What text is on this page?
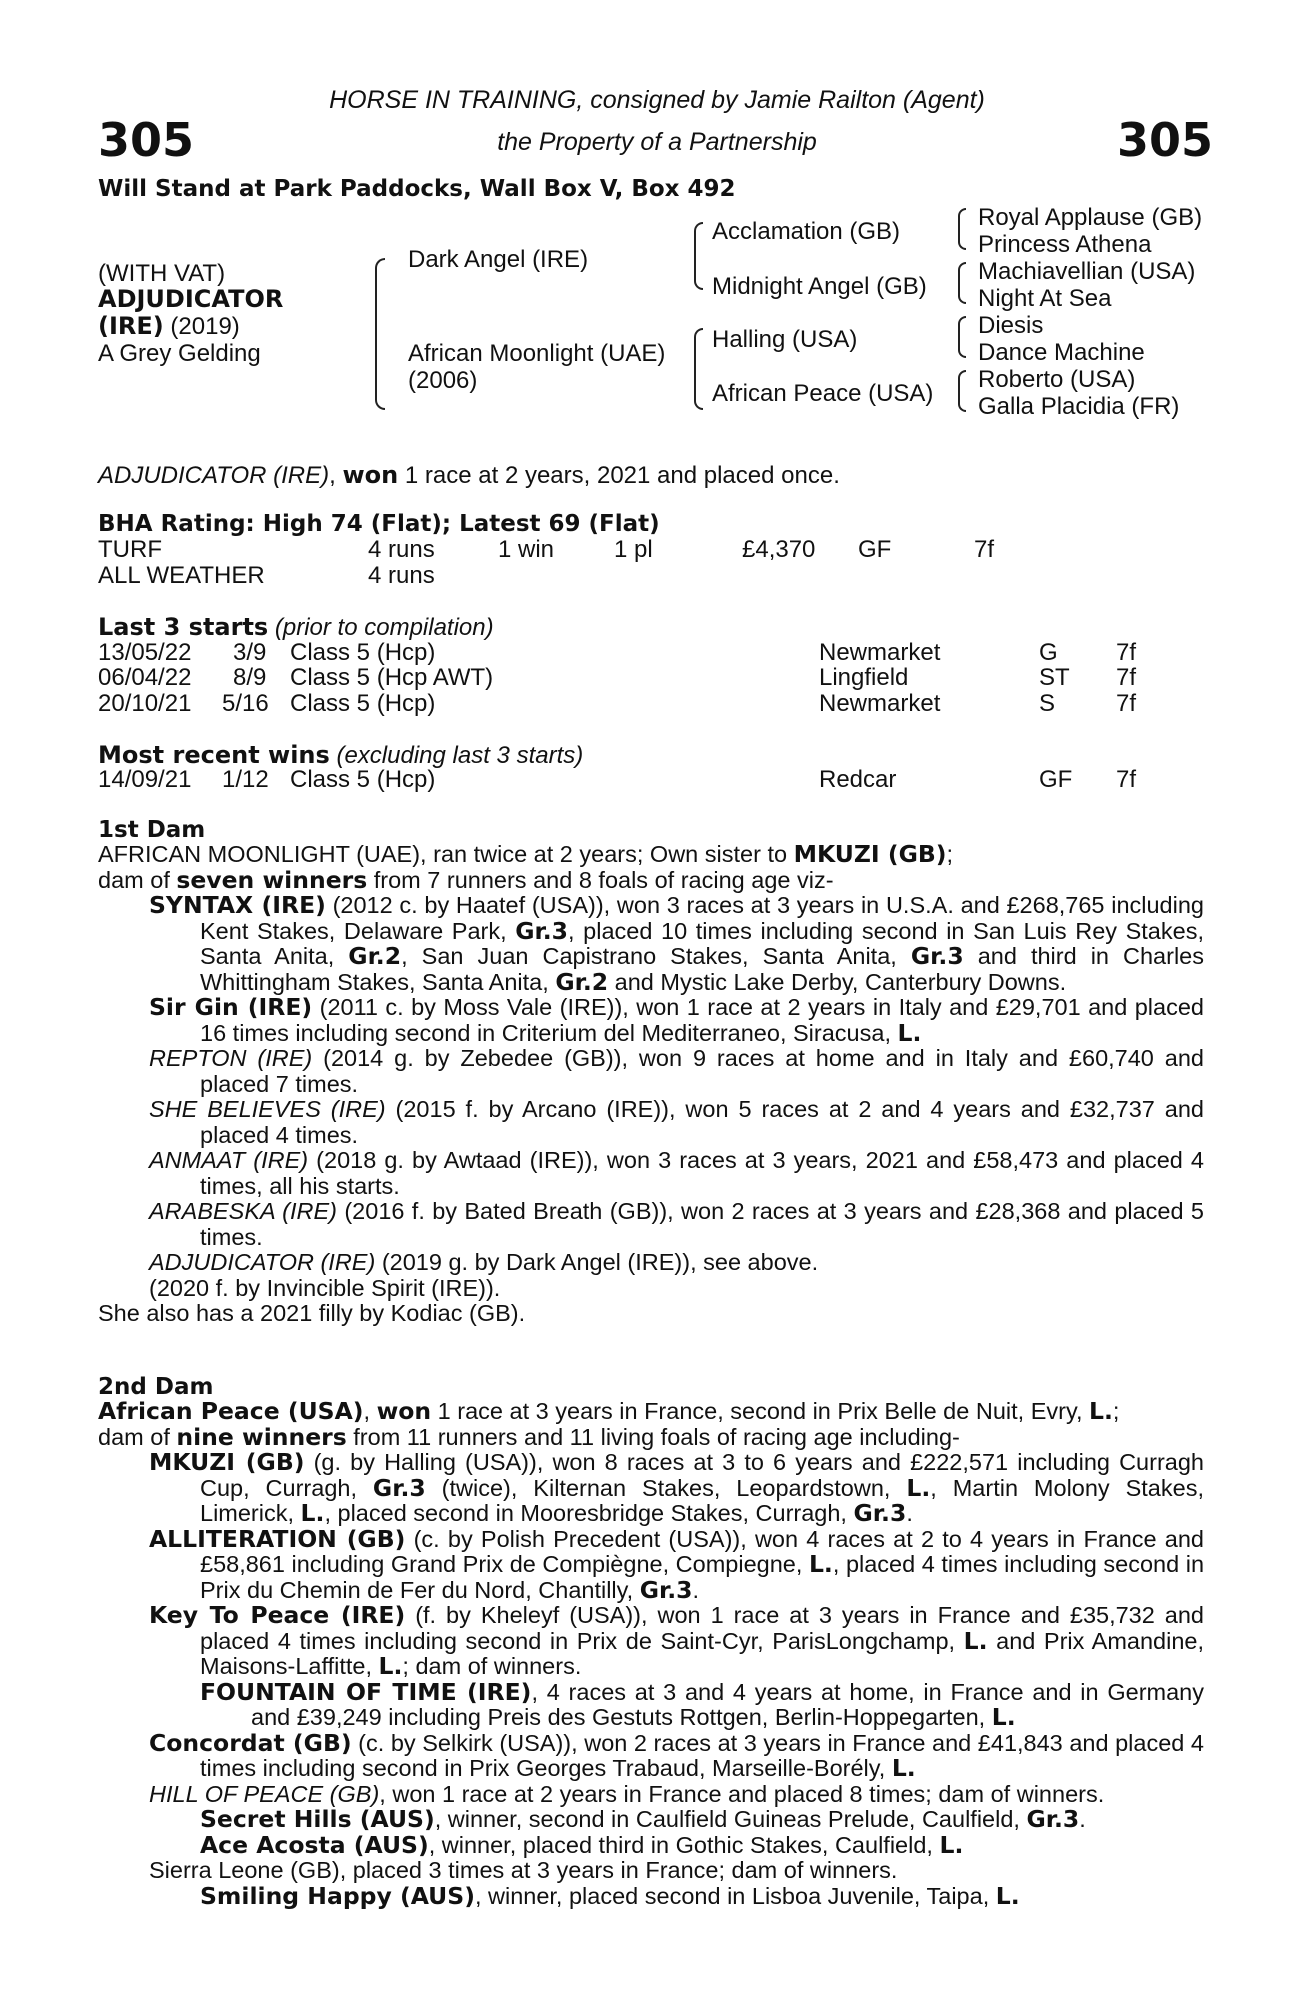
305	305
HORSE IN TRAINING, consigned by Jamie Railton (Agent)
the Property of a Partnership
Will Stand at Park Paddocks, Wall Box V, Box 492
(WITH VAT)
ADJUDICATOR
(IRE) (2019)
A Grey Gelding
Dark Angel (IRE)
African Moonlight (UAE)
(2006)
Acclamation (GB)
Midnight Angel (GB)
Halling (USA)
African Peace (USA)
Royal Applause (GB)
Princess Athena
Machiavellian (USA)
Night At Sea
Diesis
Dance Machine
Roberto (USA)
Galla Placidia (FR)
ADJUDICATOR (IRE), won 1 race at 2 years, 2021 and placed once.
BHA Rating: High 74 (Flat); Latest 69 (Flat)
TURF	4 runs	1 win 1 pl	£4,370 GF	7f
ALL WEATHER	4 runs
Last 3 starts (prior to compilation)
13/05/22 3/9 Class 5 (Hcp)	Newmarket	G 7f
06/04/22 8/9 Class 5 (Hcp AWT)	Lingfield	ST 7f
20/10/21 5/16 Class 5 (Hcp)	Newmarket	S	7f
Most recent wins (excluding last 3 starts)
14/09/21 1/12 Class 5 (Hcp)	Redcar	GF 7f
1st Dam

AFRICAN MOONLIGHT (UAE), ran twice at 2 years; Own sister to MKUZI (GB);

dam of seven winners from 7 runners and 8 foals of racing age viz-

SYNTAX (IRE) (2012 c. by Haatef (USA)), won 3 races at 3 years in U.S.A. and £268,765 including Kent Stakes, Delaware Park, Gr.3, placed 10 times including second in San Luis Rey Stakes, Santa Anita, Gr.2, San Juan Capistrano Stakes, Santa Anita, Gr.3 and third in Charles Whittingham Stakes, Santa Anita, Gr.2 and Mystic Lake Derby, Canterbury Downs.

Sir Gin (IRE) (2011 c. by Moss Vale (IRE)), won 1 race at 2 years in Italy and £29,701 and placed 16 times including second in Criterium del Mediterraneo, Siracusa, L.

REPTON (IRE) (2014 g. by Zebedee (GB)), won 9 races at home and in Italy and £60,740 and placed 7 times.

SHE BELIEVES (IRE) (2015 f. by Arcano (IRE)), won 5 races at 2 and 4 years and £32,737 and placed 4 times.

ANMAAT (IRE) (2018 g. by Awtaad (IRE)), won 3 races at 3 years, 2021 and £58,473 and placed 4 times, all his starts.

ARABESKA (IRE) (2016 f. by Bated Breath (GB)), won 2 races at 3 years and £28,368 and placed 5 times.

ADJUDICATOR (IRE) (2019 g. by Dark Angel (IRE)), see above.

(2020 f. by Invincible Spirit (IRE)).

She also has a 2021 filly by Kodiac (GB).

2nd Dam

African Peace (USA), won 1 race at 3 years in France, second in Prix Belle de Nuit, Evry, L.;

dam of nine winners from 11 runners and 11 living foals of racing age including-

MKUZI (GB) (g. by Halling (USA)), won 8 races at 3 to 6 years and £222,571 including Curragh Cup, Curragh, Gr.3 (twice), Kilternan Stakes, Leopardstown, L., Martin Molony Stakes, Limerick, L., placed second in Mooresbridge Stakes, Curragh, Gr.3.

ALLITERATION (GB) (c. by Polish Precedent (USA)), won 4 races at 2 to 4 years in France and £58,861 including Grand Prix de Compiègne, Compiegne, L., placed 4 times including second in Prix du Chemin de Fer du Nord, Chantilly, Gr.3.

Key To Peace (IRE) (f. by Kheleyf (USA)), won 1 race at 3 years in France and £35,732 and placed 4 times including second in Prix de Saint-Cyr, ParisLongchamp, L. and Prix Amandine, Maisons-Laffitte, L.; dam of winners.

FOUNTAIN OF TIME (IRE), 4 races at 3 and 4 years at home, in France and in Germany and £39,249 including Preis des Gestuts Rottgen, Berlin-Hoppegarten, L.

Concordat (GB) (c. by Selkirk (USA)), won 2 races at 3 years in France and £41,843 and placed 4 times including second in Prix Georges Trabaud, Marseille-Borély, L.

HILL OF PEACE (GB), won 1 race at 2 years in France and placed 8 times; dam of winners.

Secret Hills (AUS), winner, second in Caulfield Guineas Prelude, Caulfield, Gr.3.

Ace Acosta (AUS), winner, placed third in Gothic Stakes, Caulfield, L.

Sierra Leone (GB), placed 3 times at 3 years in France; dam of winners.

Smiling Happy (AUS), winner, placed second in Lisboa Juvenile, Taipa, L.
